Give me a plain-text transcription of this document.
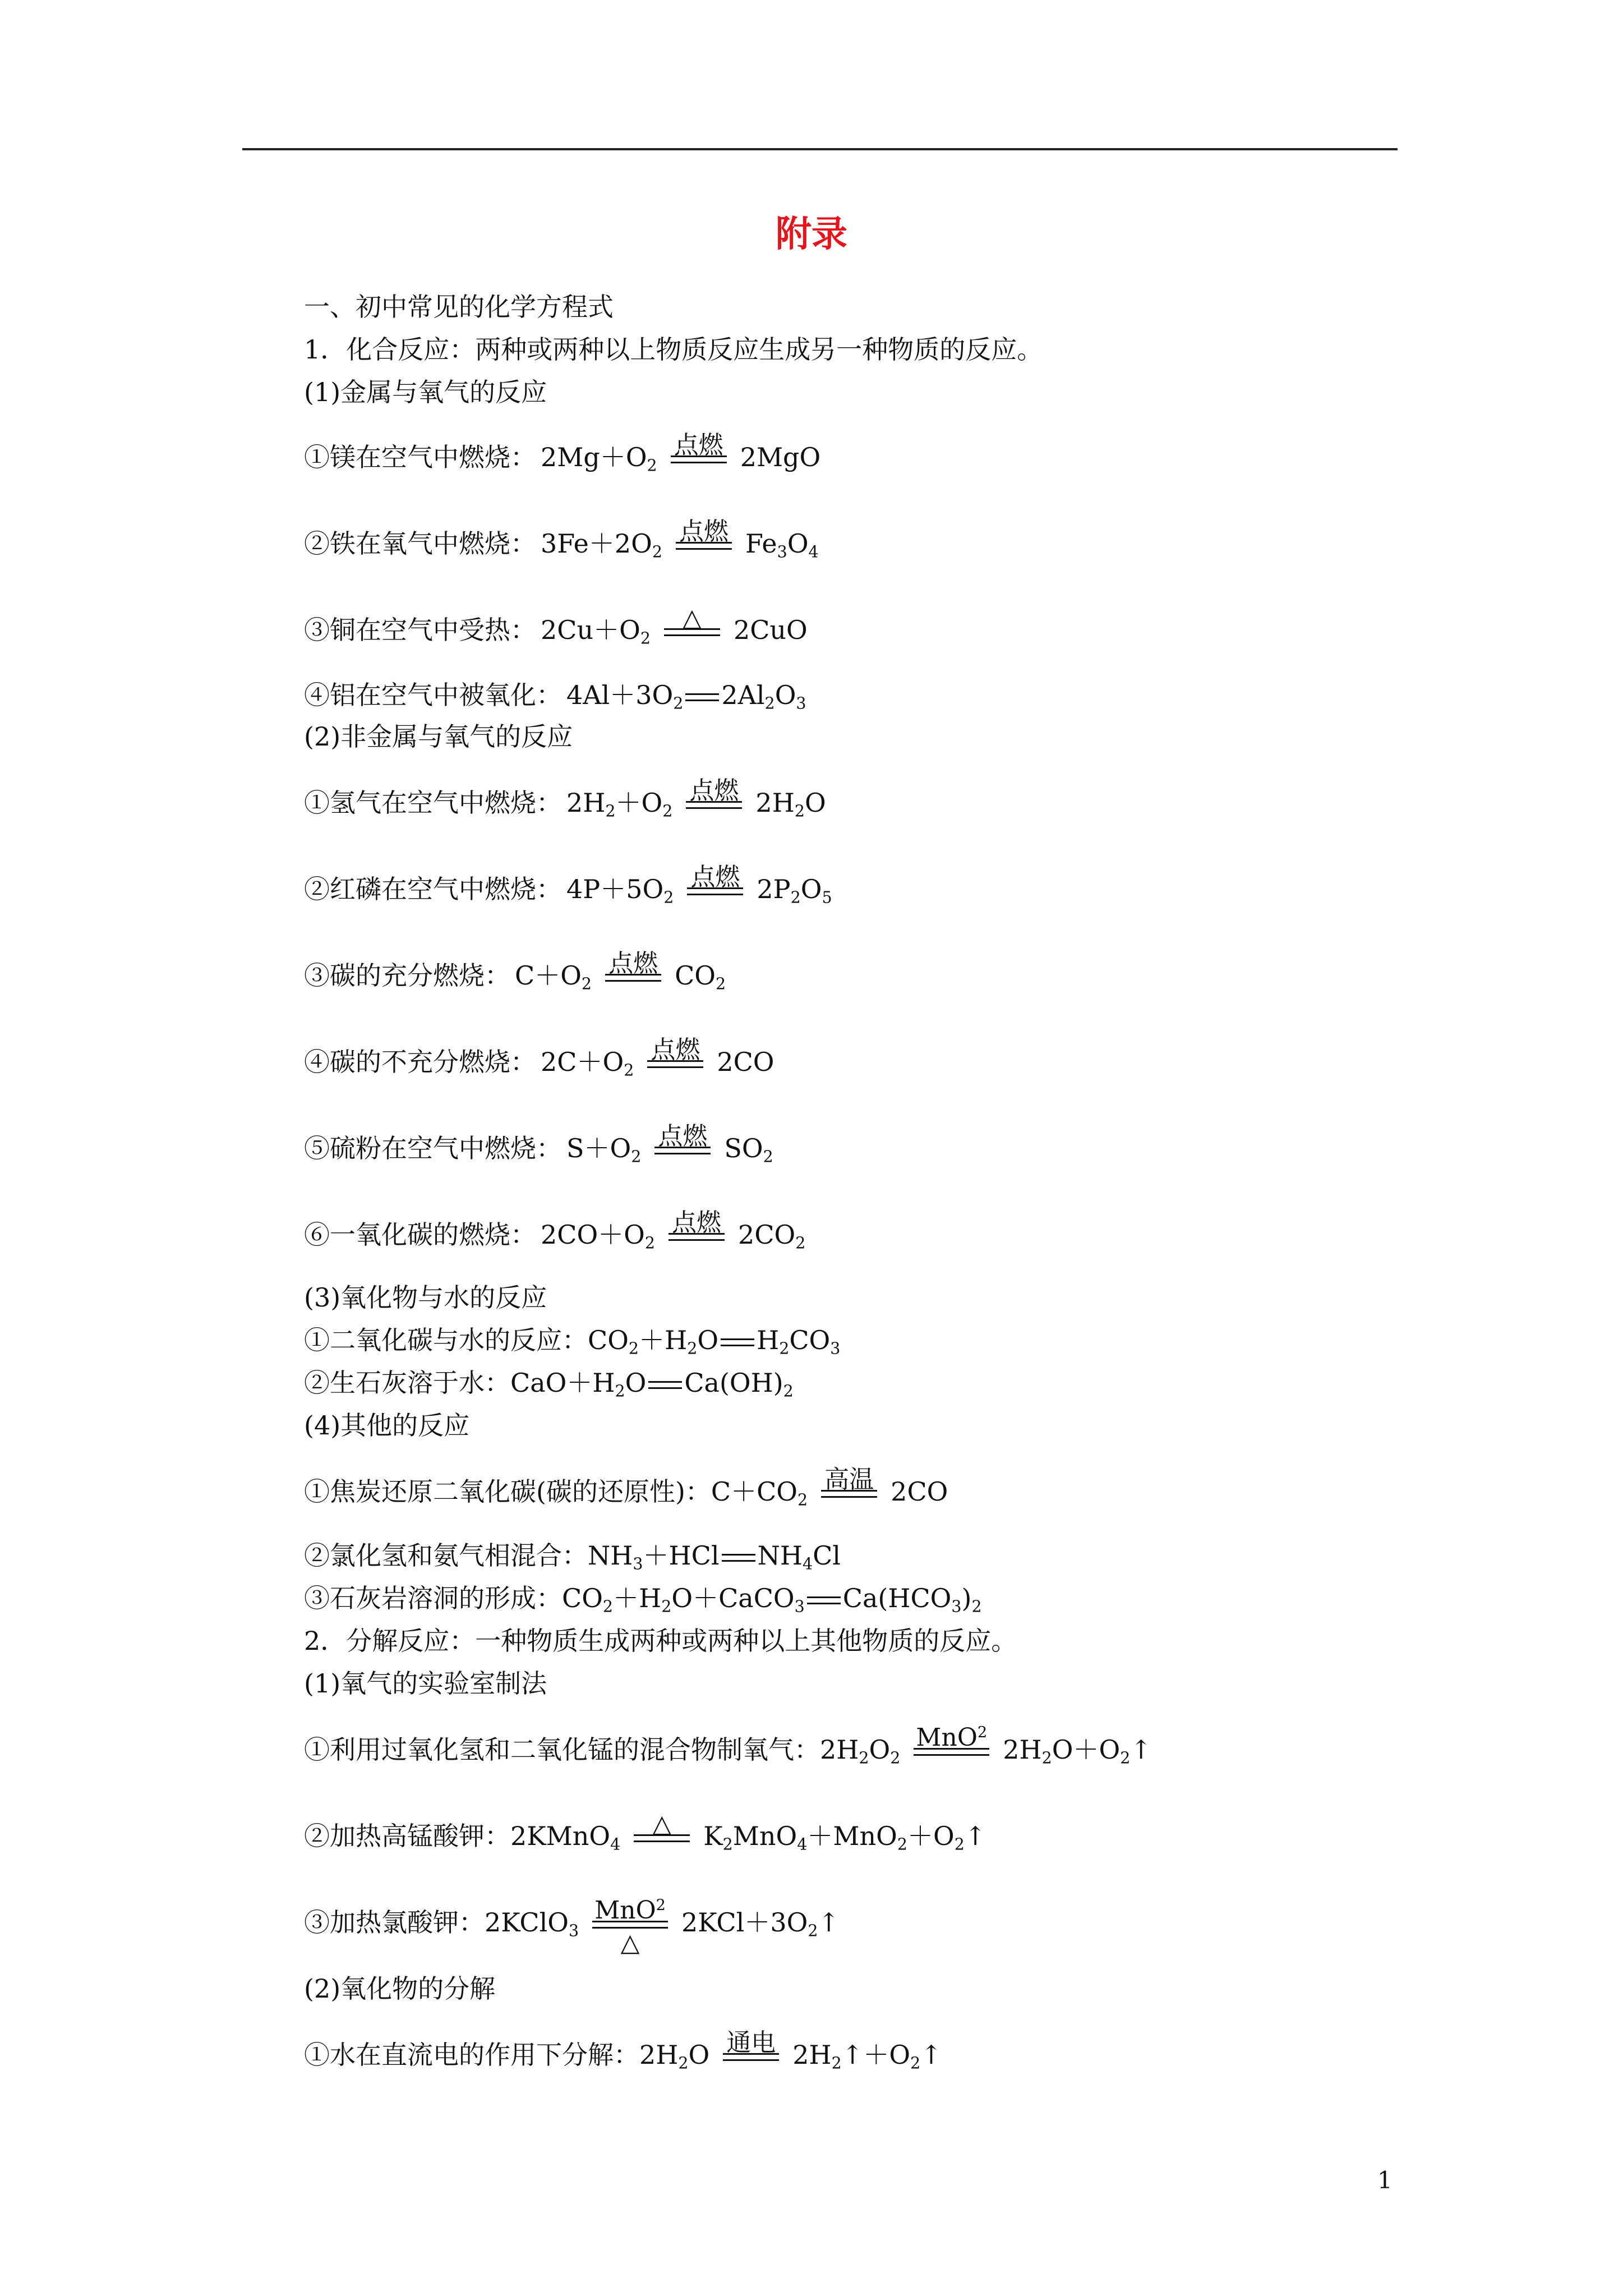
附录
一、初中常见的化学方程式
1．化合反应：两种或两种以上物质反应生成另一种物质的反应。
(1)金属与氧气的反应
①镁在空气中燃烧： $2Mg+O_2$
点燃 2MgO
②铁在氧气中燃烧： $3Fe+2O_2$
点燃 $Fe_3O_4$
③铜在空气中受热： $2Cu+O_2$
△	2CuO
④铝在空气中被氧化： $4Al+3O_2$ $2Al_2O_3$
(2)非金属与氧气的反应
①氢气在空气中燃烧： $2H_2+O_2$
点燃 $2H_2O$
②红磷在空气中燃烧： $4P+5O_2$
点燃 $2P_2O_5$
③碳的充分燃烧： $C+O_2$
点燃 $CO_2$
④碳的不充分燃烧： $2C+O_2$
点燃 2CO
⑤硫粉在空气中燃烧： $S+O_2$
点燃 $SO_2$
⑥一氧化碳的燃烧： $2CO+O_2$
点燃 $2CO_2$
(3)氧化物与水的反应
①二氧化碳与水的反应：$CO_2+H_2O$ $H_2CO_3$
②生石灰溶于水：$CaO+H_2O$ $Ca(OH)_2$
(4)其他的反应
①焦炭还原二氧化碳(碳的还原性)：$C+CO_2$
高温 2CO
②氯化氢和氨气相混合：$NH_3+HCl$ $NH_4Cl$
③石灰岩溶洞的形成：$CO_2+H_2O+CaCO_3$ $Ca(HCO_3)_2$
2．分解反应：一种物质生成两种或两种以上其他物质的反应。
(1)氧气的实验室制法
①利用过氧化氢和二氧化锰的混合物制氧气：$2H_2O_2$
MnO$^2$
$2H_2O+O_2↑$
②加热高锰酸钾：2KMnO$_4$
△	$K_2MnO_4+MnO_2+O_2↑$
③加热氯酸钾：2KClO$_3$
MnO$^2$
△
$2KCl+3O_2↑$
(2)氧化物的分解
①水在直流电的作用下分解：$2H_2O$ 通电 $2H_2↑+O_2↑$
1
